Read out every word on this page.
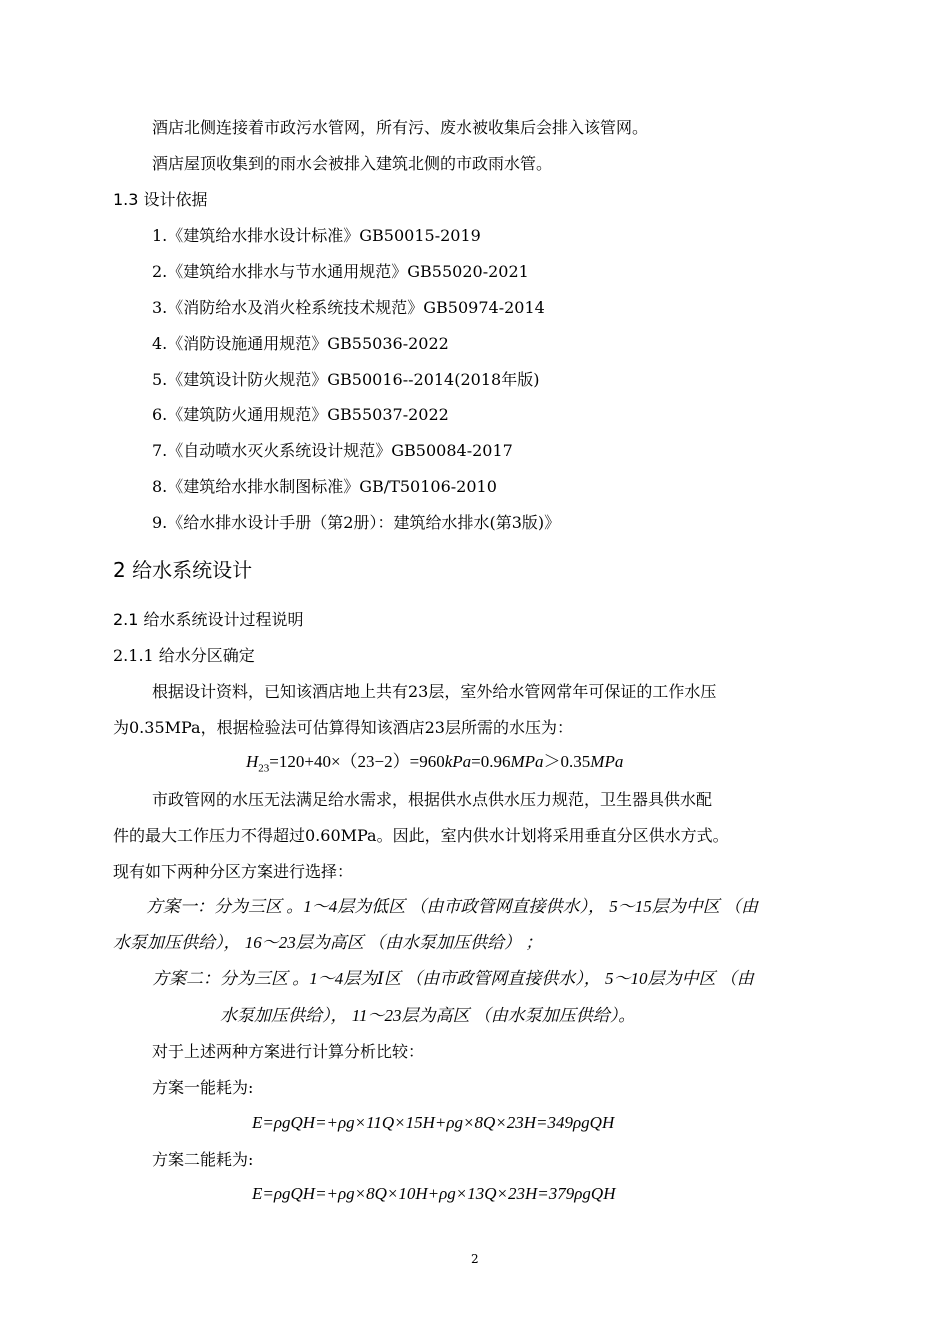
酒店北侧连接着市政污水管网，所有污、废水被收集后会排入该管网。
酒店屋顶收集到的雨水会被排入建筑北侧的市政雨水管。
1.3 设计依据
1.《建筑给水排水设计标准》GB50015-2019
2.《建筑给水排水与节水通用规范》GB55020-2021
3.《消防给水及消火栓系统技术规范》GB50974-2014
4.《消防设施通用规范》GB55036-2022
5.《建筑设计防火规范》GB50016--2014(2018年版)
6.《建筑防火通用规范》GB55037-2022
7.《自动喷水灭火系统设计规范》GB50084-2017
8.《建筑给水排水制图标准》GB/T50106-2010
9.《给水排水设计手册（第2册）：建筑给水排水(第3版)》
2 给水系统设计
2.1 给水系统设计过程说明
2.1.1 给水分区确定
根据设计资料，已知该酒店地上共有23层，室外给水管网常年可保证的工作水压
为0.35MPa，根据检验法可估算得知该酒店23层所需的水压为：
$H_{23}=120+40\times(23-2)=960kPa=0.96MPa>0.35MPa$
市政管网的水压无法满足给水需求，根据供水点供水压力规范，卫生器具供水配
件的最大工作压力不得超过0.60MPa。因此，室内供水计划将采用垂直分区供水方式。
现有如下两种分区方案进行选择：
方案一：分为三区 。1～4层为低区 （由市政管网直接供水）， 5～15层为中区 （由
水泵加压供给）， 16～23层为高区 （由水泵加压供给） ；
方案二：分为三区 。1～4层为Ⅰ区 （由市政管网直接供水）， 5～10层为中区 （由
水泵加压供给）， 11～23层为高区 （由水泵加压供给）。
对于上述两种方案进行计算分析比较：
方案一能耗为:
E=ρgQH=+ρg×11Q×15H+ρg×8Q×23H=349ρgQH
方案二能耗为:
E=ρgQH=+ρg×8Q×10H+ρg×13Q×23H=379ρgQH
2
